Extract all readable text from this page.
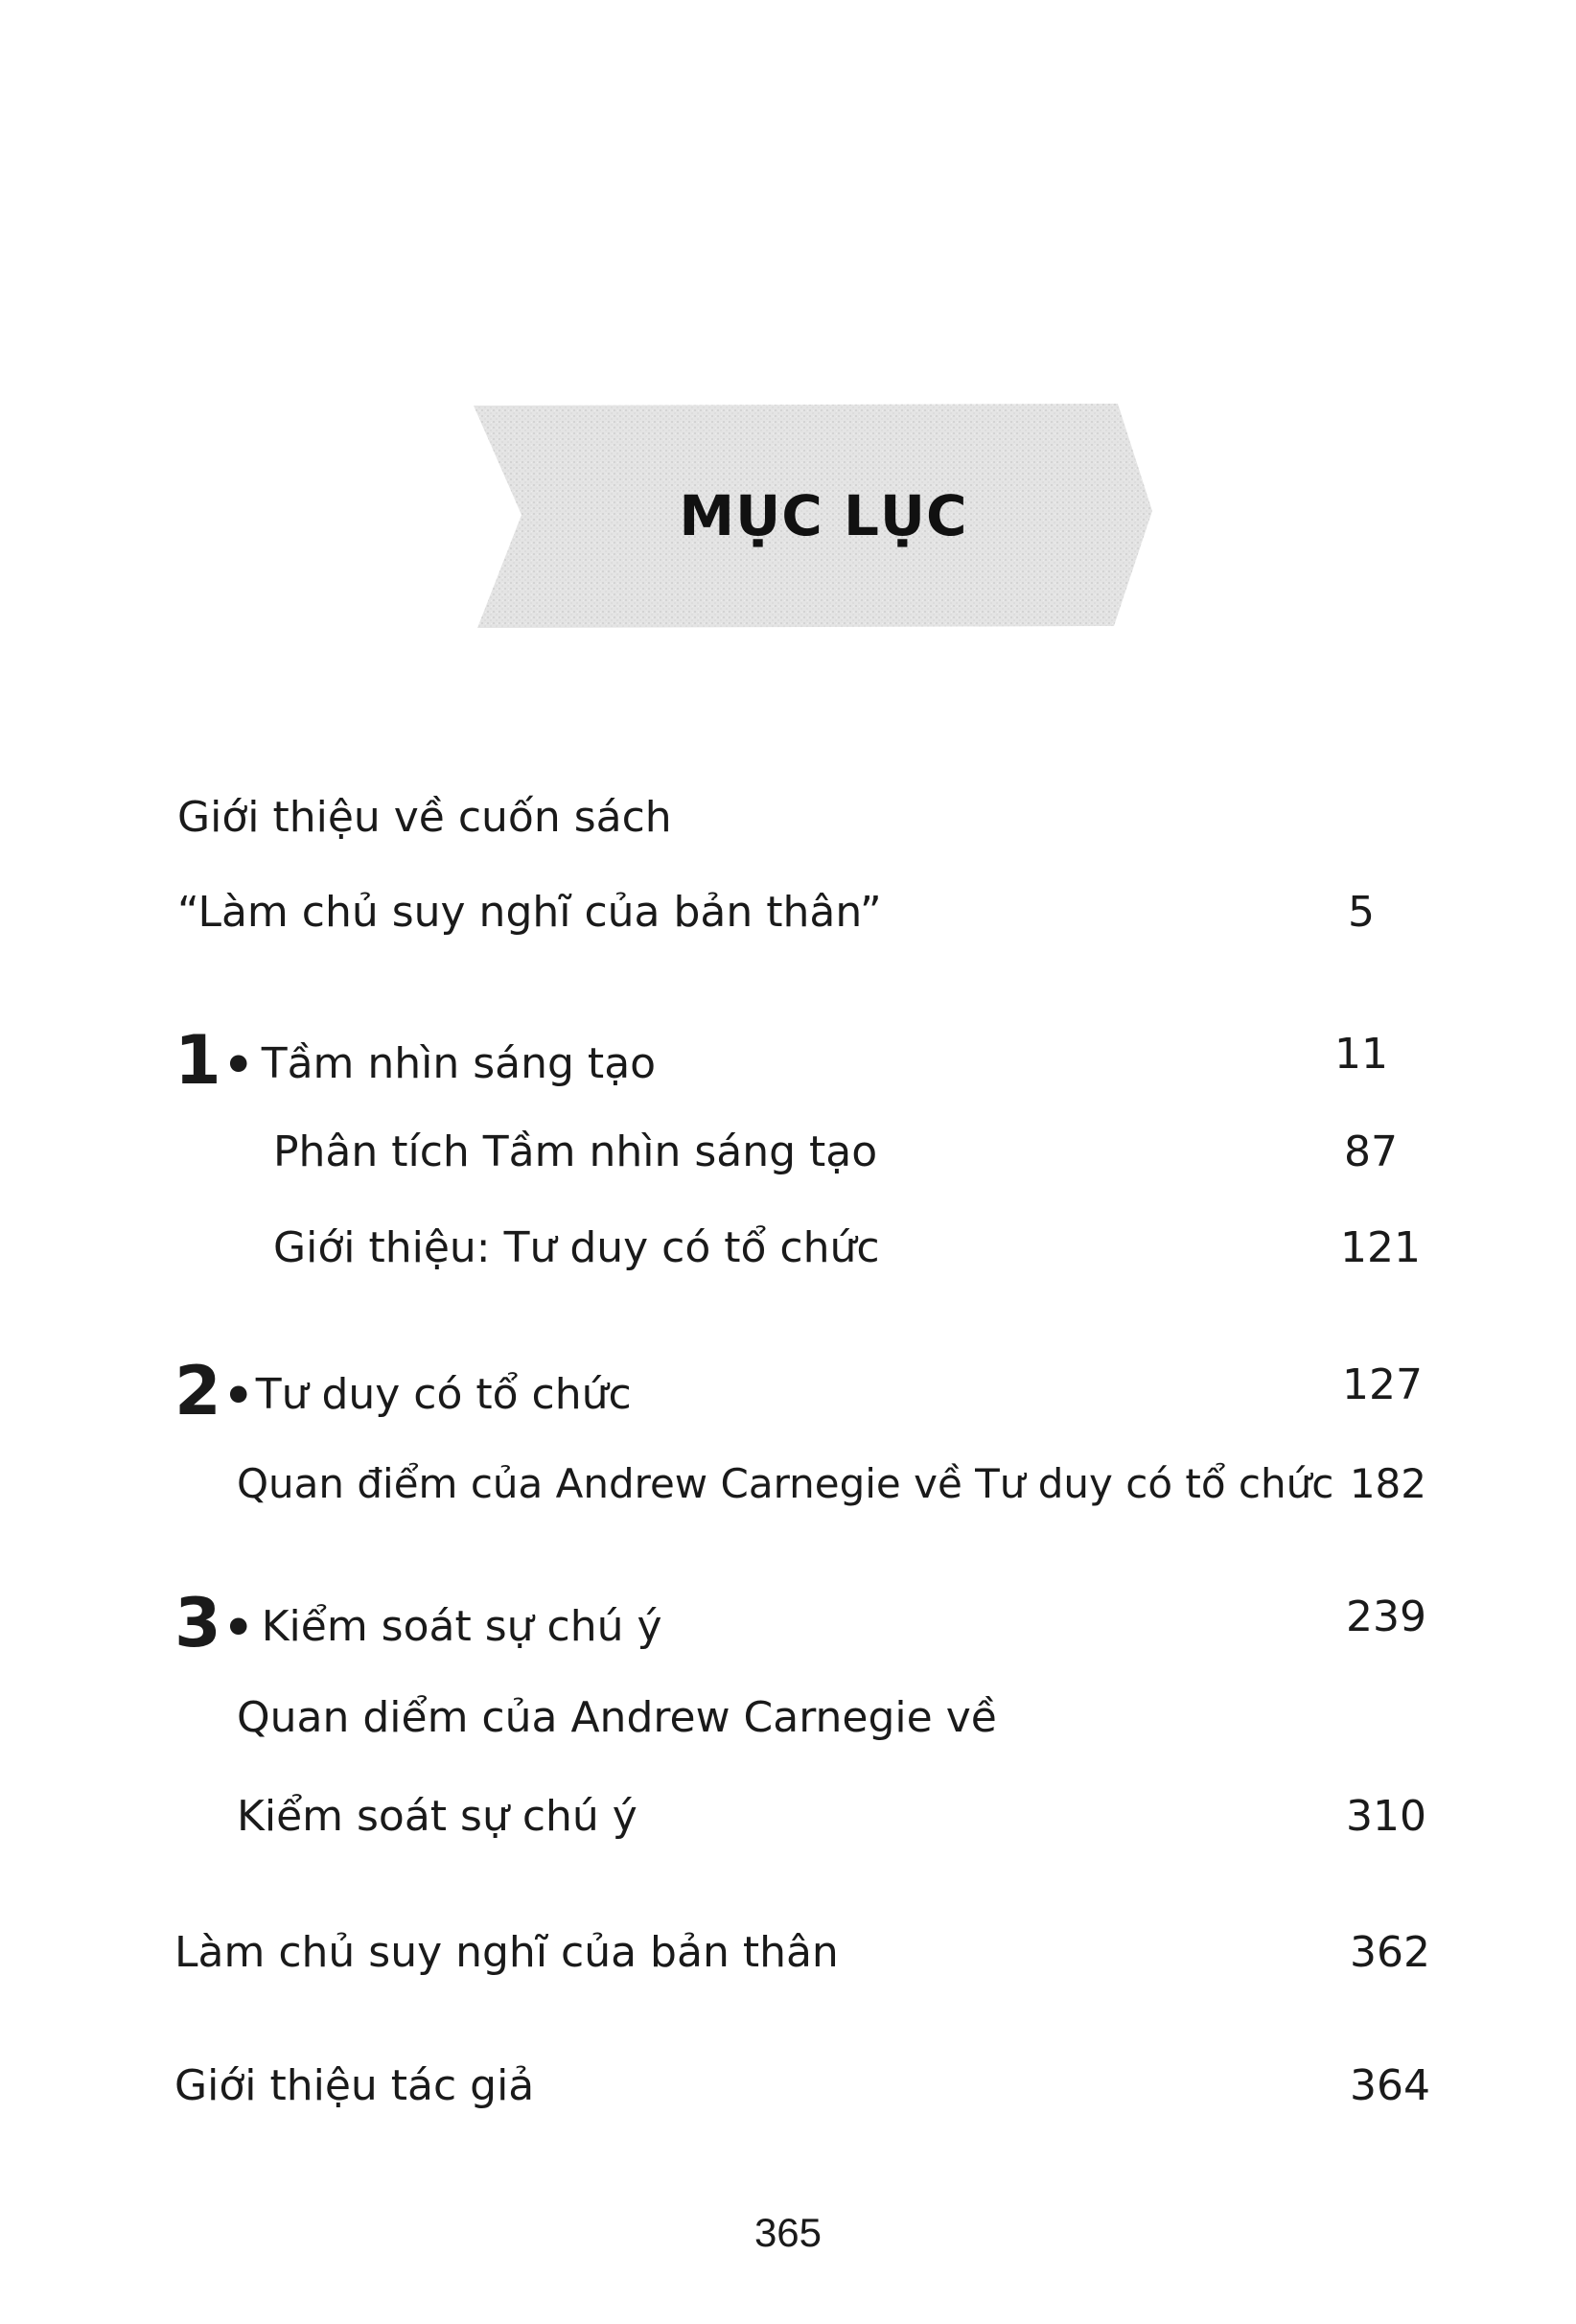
MỤC LỤC
Giới thiệu về cuốn sách
“Làm chủ suy nghĩ của bản thân”	5
1• Tầm nhìn sáng tạo	11
Phân tích Tầm nhìn sáng tạo	87
Giới thiệu: Tư duy có tổ chức	121
2•Tư duy có tổ chức	127
Quan điểm của Andrew Carnegie về Tư duy có tổ chức 182
3• Kiểm soát sự chú ý	239
Quan diểm của Andrew Carnegie về
Kiểm soát sự chú ý	310
Làm chủ suy nghĩ của bản thân	362
Giới thiệu tác giả	364
365
